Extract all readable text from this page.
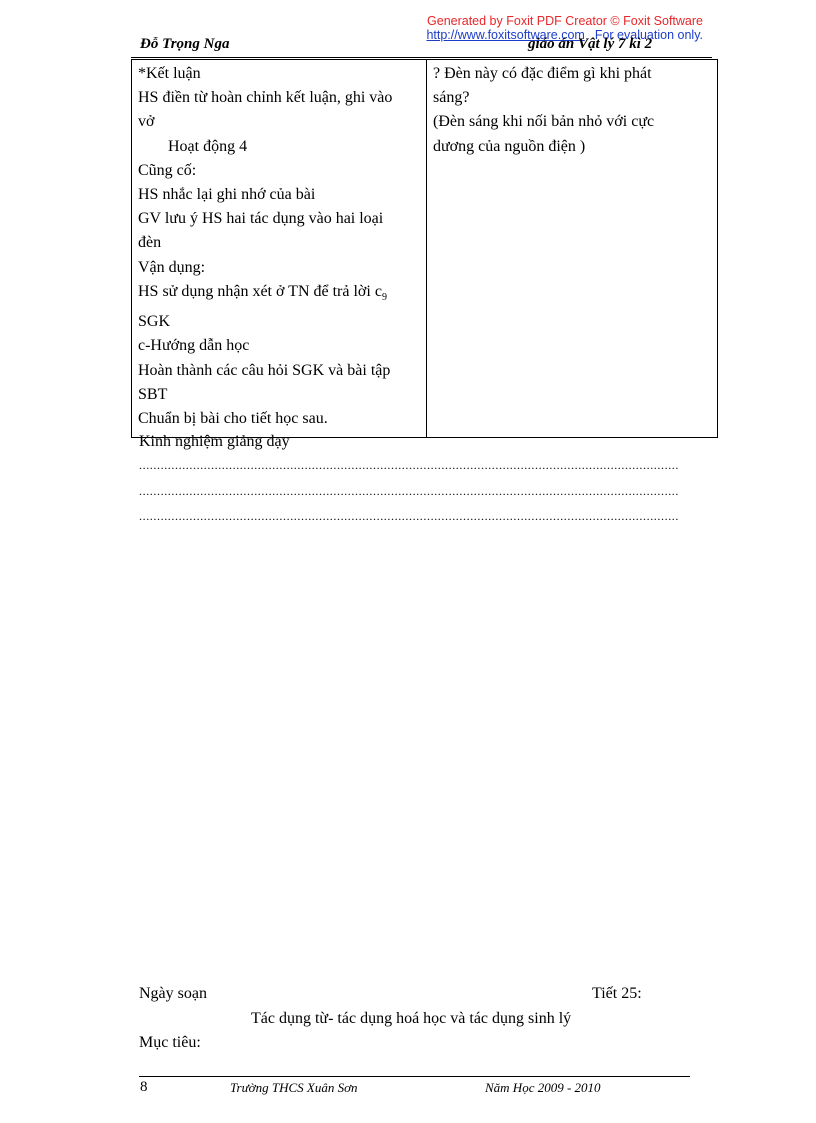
Generated by Foxit PDF Creator © Foxit Software
http://www.foxitsoftware.com For evaluation only.
Đỗ Trọng Nga	giáo án Vật lý 7 kì 2
*Kết luận
HS điền từ hoàn chỉnh kết luận, ghi vào
vở
Hoạt động 4
Cũng cố:
HS nhắc lại ghi nhớ của bài
GV lưu ý HS hai tác dụng vào hai loại
đèn
Vận dụng:
HS sử dụng nhận xét ở TN để trả lời $c_9$
SGK
c-Hướng dẫn học
Hoàn thành các câu hỏi SGK và bài tập
SBT
Chuẩn bị bài cho tiết học sau.

? Đèn này có đặc điểm gì khi phát
sáng?
(Đèn sáng khi nối bản nhỏ với cực
dương của nguồn điện )
Kinh nghiệm giảng dạy
......................................................................................................................................................
......................................................................................................................................................
......................................................................................................................................................
Ngày soạn	Tiết 25:
Tác dụng từ- tác dụng hoá học và tác dụng sinh lý
Mục tiêu:
8	Trường THCS Xuân Sơn	Năm Học 2009 - 2010
